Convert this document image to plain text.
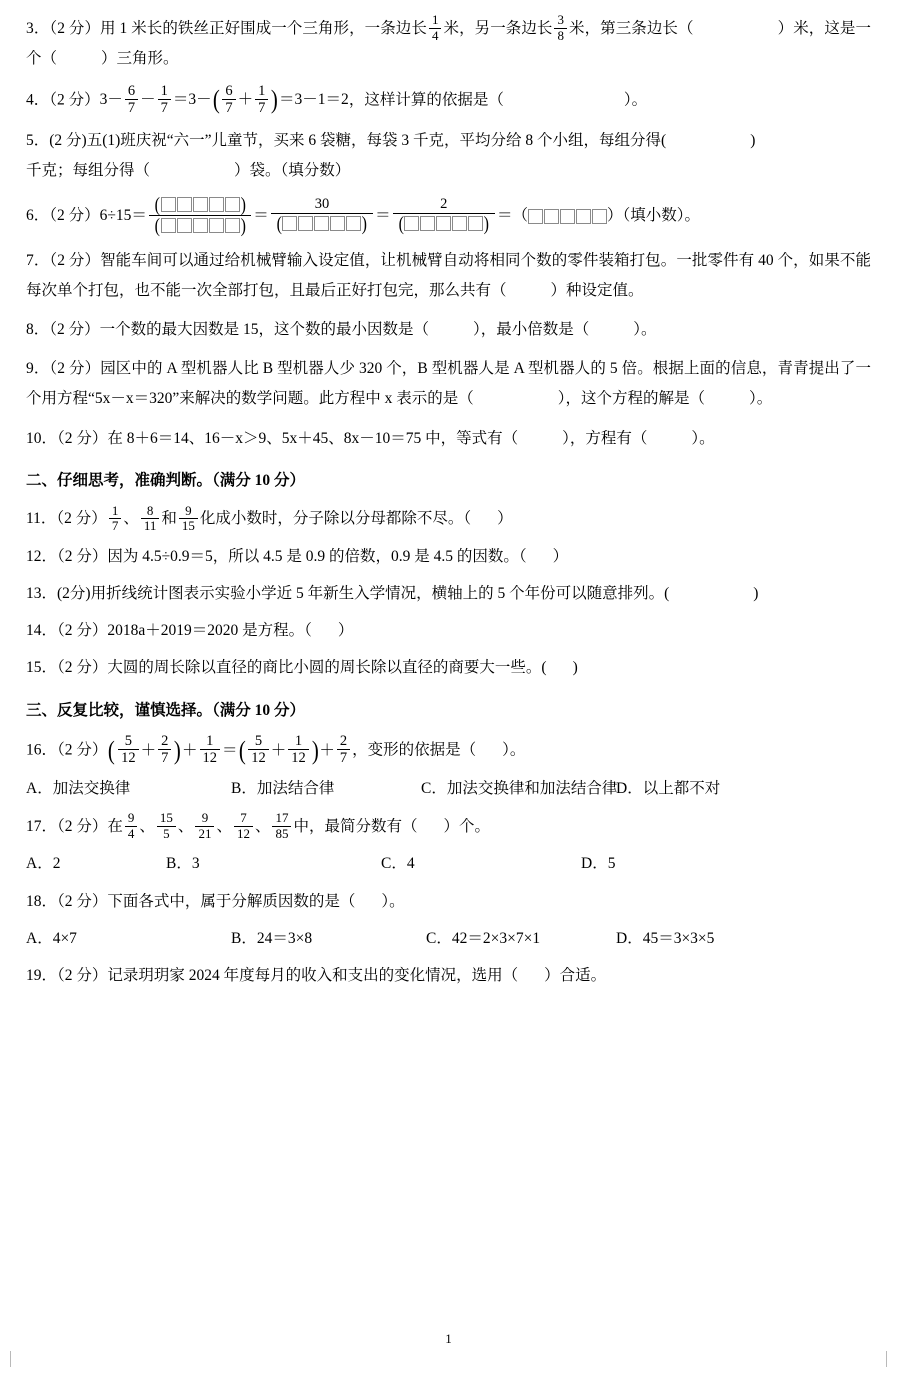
3．（2 分）用 1 米长的铁丝正好围成一个三角形，一条边长 $\frac{1}{4}$ 米，另一条边长 $\frac{3}{8}$ 米，第三条边长（	）米，这是一个（	）三角形。

4．（2 分） $3- \frac{6}{7} - \frac{1}{7} =3-$ ( $\frac{6}{7} + \frac{1}{7}$ ) ＝3－1＝2 ，这样计算的依据是（	）。

5．(2 分)五(1)班庆祝“六一”儿童节，买来 6 袋糖，每袋 3 千克，平均分给 8 个小组，每组分得(	)
千克；每组分得（	）袋。（填分数）

6．（2 分） 6÷15＝ (	)
(	) ＝ 30
(	) ＝ 2
(	) ＝ （	）（填小数）。

7．（2 分）智能车间可以通过给机械臂输入设定值，让机械臂自动将相同个数的零件装箱打包。一批零件有 40 个，如果不能每次单个打包，也不能一次全部打包，且最后正好打包完，那么共有（	）种设定值。

8．（2 分）一个数的最大因数是 15，这个数的最小因数是（	），最小倍数是（	）。

9．（2 分）园区中的 A 型机器人比 B 型机器人少 320 个，B 型机器人是 A 型机器人的 5 倍。根据上面的信息，青青提出了一个用方程“5x－x＝320”来解决的数学问题。此方程中 x 表示的是（	），这个方程的解是（	）。

10．（2 分）在 8＋6＝14、16－x＞9、5x＋45、8x－10＝75 中，等式有（	），方程有（	）。

二、仔细思考，准确判断。（满分 10 分）

11．（2 分） $\frac{1}{7}$ 、 $\frac{8}{11}$ 和 $\frac{9}{15}$ 化成小数时，分子除以分母都除不尽。（ ）

12．（2 分）因为 4.5÷0.9＝5，所以 4.5 是 0.9 的倍数，0.9 是 4.5 的因数。（ ）

13．(2分)用折线统计图表示实验小学近 5 年新生入学情况，横轴上的 5 个年份可以随意排列。(	)

14．（2 分）2018a＋2019＝2020 是方程。（ ）

15．（2 分）大圆的周长除以直径的商比小圆的周长除以直径的商要大一些。( )

三、反复比较，谨慎选择。（满分 10 分）

16．（2 分） ( $\frac{5}{12} + \frac{2}{7}$ ) ＋ $\frac{1}{12}$ ＝ ( $\frac{5}{12} + \frac{1}{12}$ ) ＋ $\frac{2}{7}$ ，变形的依据是（ ）。

A．加法交换律	B．加法结合律	C．加法交换律和加法结合律
D．以上都不对

17．（2 分）在 $\frac{9}{4}$ 、 $\frac{15}{5}$ 、 $\frac{9}{21}$ 、 $\frac{7}{12}$ 、 $\frac{17}{85}$ 中，最简分数有（ ）个。

A．2	B．3	C．4	D．5

18．（2 分）下面各式中，属于分解质因数的是（ ）。

A．4×7	B．24＝3×8	C．42＝2×3×7×1	D．45＝3×3×5

19．（2 分）记录玥玥家 2024 年度每月的收入和支出的变化情况，选用（ ）合适。

1
